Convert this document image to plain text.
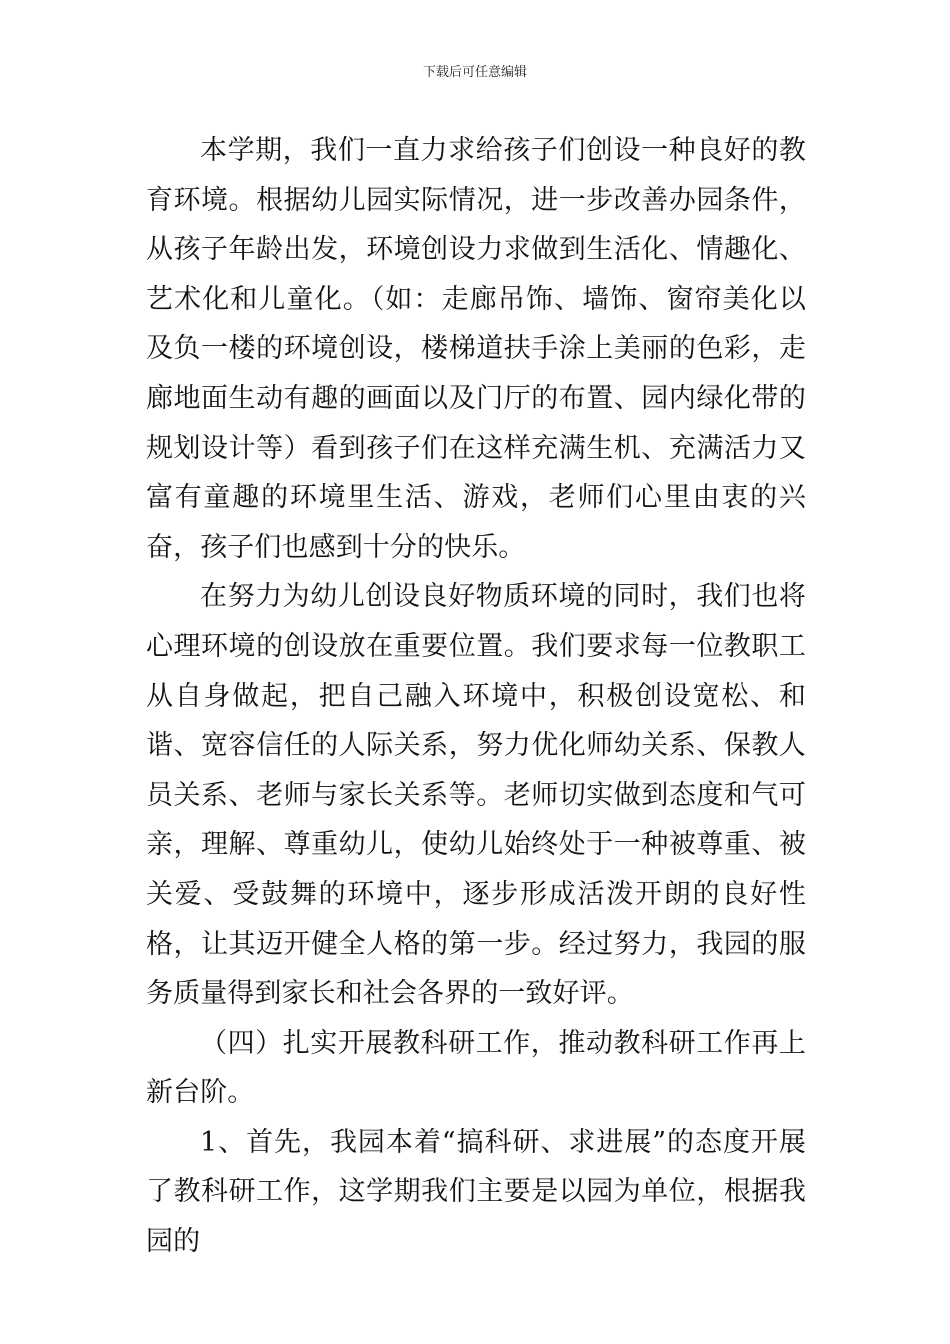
下载后可任意编辑

本学期，我们一直力求给孩子们创设一种良好的教育环境。根据幼儿园实际情况，进一步改善办园条件，从孩子年龄出发，环境创设力求做到生活化、情趣化、艺术化和儿童化。（如：走廊吊饰、墙饰、窗帘美化以及负一楼的环境创设，楼梯道扶手涂上美丽的色彩，走廊地面生动有趣的画面以及门厅的布置、园内绿化带的规划设计等）看到孩子们在这样充满生机、充满活力又富有童趣的环境里生活、游戏，老师们心里由衷的兴奋，孩子们也感到十分的快乐。

在努力为幼儿创设良好物质环境的同时，我们也将心理环境的创设放在重要位置。我们要求每一位教职工从自身做起，把自己融入环境中，积极创设宽松、和谐、宽容信任的人际关系，努力优化师幼关系、保教人员关系、老师与家长关系等。老师切实做到态度和气可亲，理解、尊重幼儿，使幼儿始终处于一种被尊重、被关爱、受鼓舞的环境中，逐步形成活泼开朗的良好性格，让其迈开健全人格的第一步。经过努力，我园的服务质量得到家长和社会各界的一致好评。

（四）扎实开展教科研工作，推动教科研工作再上新台阶。

1、首先，我园本着“搞科研、求进展”的态度开展了教科研工作，这学期我们主要是以园为单位，根据我园的
